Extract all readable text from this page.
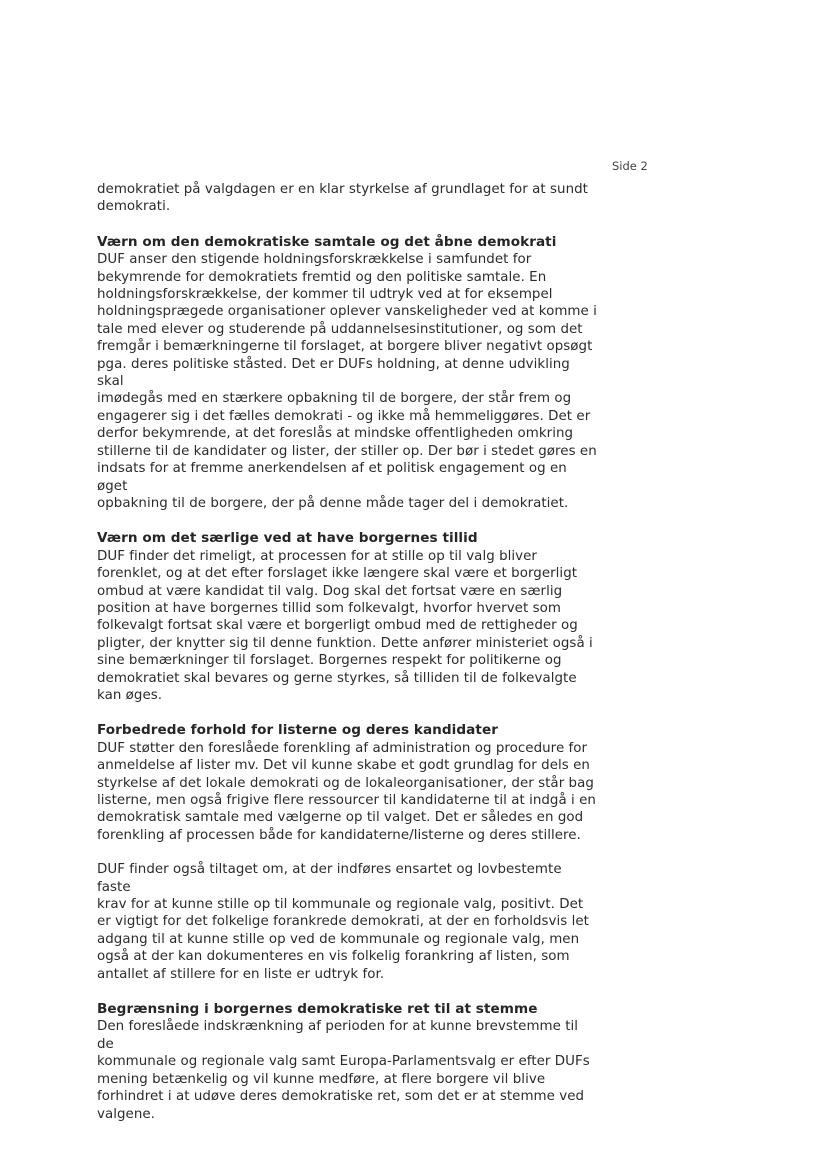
Side 2

demokratiet på valgdagen er en klar styrkelse af grundlaget for at sundt
demokrati.

Værn om den demokratiske samtale og det åbne demokrati

DUF anser den stigende holdningsforskrækkelse i samfundet for
bekymrende for demokratiets fremtid og den politiske samtale. En
holdningsforskrækkelse, der kommer til udtryk ved at for eksempel
holdningsprægede organisationer oplever vanskeligheder ved at komme i
tale med elever og studerende på uddannelsesinstitutioner, og som det
fremgår i bemærkningerne til forslaget, at borgere bliver negativt opsøgt
pga. deres politiske ståsted. Det er DUFs holdning, at denne udvikling skal
imødegås med en stærkere opbakning til de borgere, der står frem og
engagerer sig i det fælles demokrati - og ikke må hemmeliggøres. Det er
derfor bekymrende, at det foreslås at mindske offentligheden omkring
stillerne til de kandidater og lister, der stiller op. Der bør i stedet gøres en
indsats for at fremme anerkendelsen af et politisk engagement og en øget
opbakning til de borgere, der på denne måde tager del i demokratiet.

Værn om det særlige ved at have borgernes tillid

DUF finder det rimeligt, at processen for at stille op til valg bliver
forenklet, og at det efter forslaget ikke længere skal være et borgerligt
ombud at være kandidat til valg. Dog skal det fortsat være en særlig
position at have borgernes tillid som folkevalgt, hvorfor hvervet som
folkevalgt fortsat skal være et borgerligt ombud med de rettigheder og
pligter, der knytter sig til denne funktion. Dette anfører ministeriet også i
sine bemærkninger til forslaget. Borgernes respekt for politikerne og
demokratiet skal bevares og gerne styrkes, så tilliden til de folkevalgte
kan øges.

Forbedrede forhold for listerne og deres kandidater

DUF støtter den foreslåede forenkling af administration og procedure for
anmeldelse af lister mv. Det vil kunne skabe et godt grundlag for dels en
styrkelse af det lokale demokrati og de lokaleorganisationer, der står bag
listerne, men også frigive flere ressourcer til kandidaterne til at indgå i en
demokratisk samtale med vælgerne op til valget. Det er således en god
forenkling af processen både for kandidaterne/listerne og deres stillere.

DUF finder også tiltaget om, at der indføres ensartet og lovbestemte faste
krav for at kunne stille op til kommunale og regionale valg, positivt. Det
er vigtigt for det folkelige forankrede demokrati, at der en forholdsvis let
adgang til at kunne stille op ved de kommunale og regionale valg, men
også at der kan dokumenteres en vis folkelig forankring af listen, som
antallet af stillere for en liste er udtryk for.

Begrænsning i borgernes demokratiske ret til at stemme

Den foreslåede indskrænkning af perioden for at kunne brevstemme til de
kommunale og regionale valg samt Europa-Parlamentsvalg er efter DUFs
mening betænkelig og vil kunne medføre, at flere borgere vil blive
forhindret i at udøve deres demokratiske ret, som det er at stemme ved
valgene.
